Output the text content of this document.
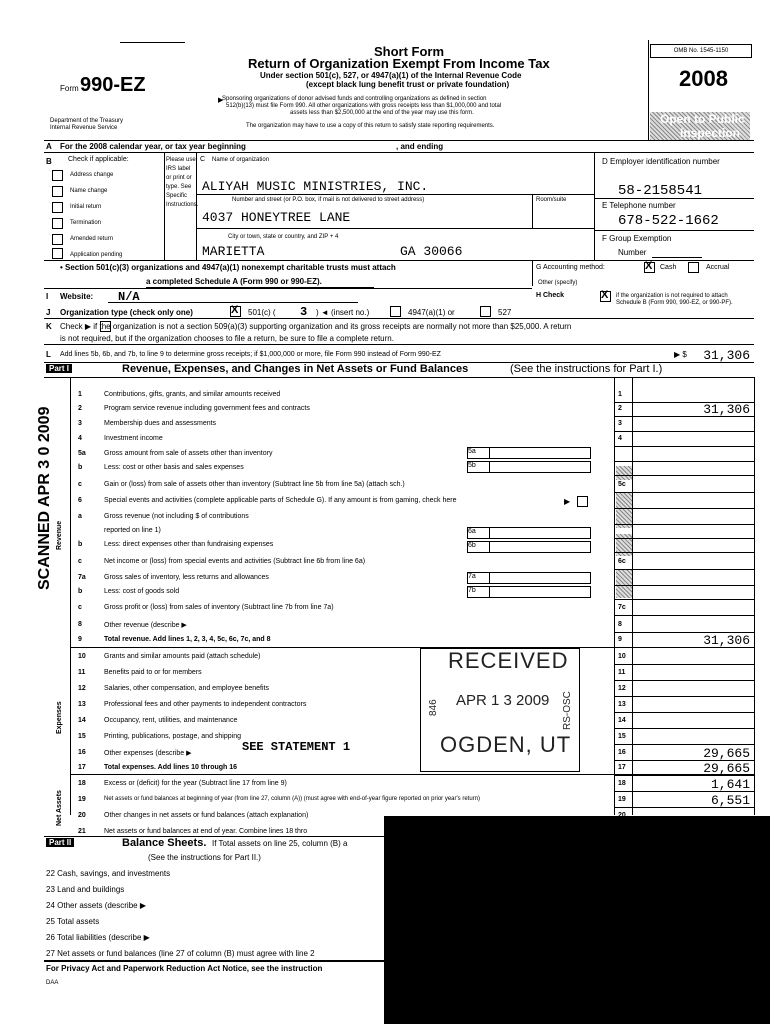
Form 990-EZ
Department of the Treasury
Internal Revenue Service
Short Form
Return of Organization Exempt From Income Tax
Under section 501(c), 527, or 4947(a)(1) of the Internal Revenue Code
(except black lung benefit trust or private foundation)
Sponsoring organizations of donor advised funds and controlling organizations as defined in section
512(b)(13) must file Form 990. All other organizations with gross receipts less than $1,000,000 and total
assets less than $2,500,000 at the end of the year may use this form.
The organization may have to use a copy of this return to satisfy state reporting requirements.
▶
OMB No. 1545-1150
2008
Open to Public
Inspection
A For the 2008 calendar year, or tax year beginning	, and ending
B Check if applicable:
Address change
Name change
Initial return
Termination
Amended return
Application pending
Please use IRS label or print or type. See Specific Instructions.
C Name of organization
ALIYAH MUSIC MINISTRIES, INC.
Number and street (or P.O. box, if mail is not delivered to street address)	Room/suite
4037 HONEYTREE LANE
City or town, state or country, and ZIP + 4
MARIETTA	GA 30066
D Employer identification number
58-2158541
E Telephone number
678-522-1662
F Group Exemption
Number
• Section 501(c)(3) organizations and 4947(a)(1) nonexempt charitable trusts must attach
a completed Schedule A (Form 990 or 990-EZ).
G Accounting method:	X Cash	Accrual
Other (specify)
I Website: N/A	H Check	X if the organization is not required to attach Schedule B (Form 990, 990-EZ, or 990-PF).
J Organization type (check only one)	X 501(c) ( 3 ) ◄ (insert no.)	4947(a)(1) or	527
K Check ▶ if the organization is not a section 509(a)(3) supporting organization and its gross receipts are normally not more than $25,000. A return
is not required, but if the organization chooses to file a return, be sure to file a complete return.
L Add lines 5b, 6b, and 7b, to line 9 to determine gross receipts; if $1,000,000 or more, file Form 990 instead of Form 990-EZ	▶ $	31,306
Part I	Revenue, Expenses, and Changes in Net Assets or Fund Balances	(See the instructions for Part I.)
SCANNED APR 3 0 2009 Revenue
Expenses
Net Assets
1	Contributions, gifts, grants, and similar amounts received	1
2	Program service revenue including government fees and contracts	2	31,306
3	Membership dues and assessments	3
4	Investment income	4
5a	Gross amount from sale of assets other than inventory
b	Less: cost or other basis and sales expenses
c	Gain or (loss) from sale of assets other than inventory (Subtract line 5b from line 5a) (attach sch.)	5c
6	Special events and activities (complete applicable parts of Schedule G). If any amount is from gaming, check here
a	Gross revenue (not including $ of contributions
reported on line 1)
b	Less: direct expenses other than fundraising expenses
c	Net income or (loss) from special events and activities (Subtract line 6b from line 6a)	6c
7a	Gross sales of inventory, less returns and allowances
b	Less: cost of goods sold
c	Gross profit or (loss) from sales of inventory (Subtract line 7b from line 7a)	7c
8	Other revenue (describe ▶	8
9	Total revenue. Add lines 1, 2, 3, 4, 5c, 6c, 7c, and 8	9	31,306
10	Grants and similar amounts paid (attach schedule)	10
11	Benefits paid to or for members	11
12	Salaries, other compensation, and employee benefits	12
13	Professional fees and other payments to independent contractors	13
14	Occupancy, rent, utilities, and maintenance	14
15	Printing, publications, postage, and shipping	15
16	Other expenses (describe ▶	16	29,665
17	Total expenses. Add lines 10 through 16	17	29,665
18	Excess or (deficit) for the year (Subtract line 17 from line 9)	18	1,641
19	Net assets or fund balances at beginning of year (from line 27, column (A)) (must agree with end-of-year figure reported on prior year's return)	19	6,551
20	Other changes in net assets or fund balances (attach explanation)
21	Net assets or fund balances at end of year. Combine lines 18 thro
5a
5b
6a
6b
7a
7b
▶
SEE STATEMENT 1
RECEIVED
APR 1 3 2009
OGDEN, UT
846	RS-OSC
Part II	Balance Sheets. If Total assets on line 25, column (B) a
(See the instructions for Part II.)
22 Cash, savings, and investments
23 Land and buildings
24 Other assets (describe ▶
25 Total assets
26 Total liabilities (describe ▶
27 Net assets or fund balances (line 27 of column (B) must agree with line 2
For Privacy Act and Paperwork Reduction Act Notice, see the instruction
DAA
